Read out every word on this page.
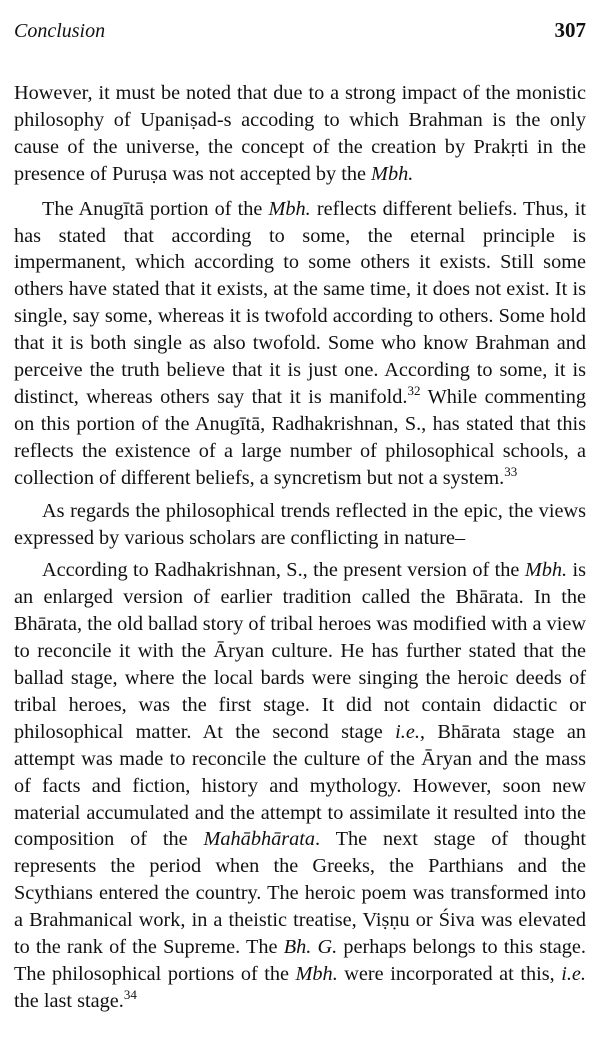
Conclusion	307

However, it must be noted that due to a strong impact of the monistic philosophy of Upaniṣad-s accoding to which Brahman is the only cause of the universe, the concept of the creation by Prakṛti in the presence of Puruṣa was not accepted by the Mbh.

The Anugītā portion of the Mbh. reflects different beliefs. Thus, it has stated that according to some, the eternal principle is impermanent, which according to some others it exists. Still some others have stated that it exists, at the same time, it does not exist. It is single, say some, whereas it is twofold according to others. Some hold that it is both single as also twofold. Some who know Brahman and perceive the truth believe that it is just one. According to some, it is distinct, whereas others say that it is manifold.$^{32}$ While commenting on this portion of the Anugītā, Radhakrishnan, S., has stated that this reflects the existence of a large number of philosophical schools, a collection of different beliefs, a syncretism but not a system.$^{33}$

As regards the philosophical trends reflected in the epic, the views expressed by various scholars are conflicting in nature–

According to Radhakrishnan, S., the present version of the Mbh. is an enlarged version of earlier tradition called the Bhārata. In the Bhārata, the old ballad story of tribal heroes was modified with a view to reconcile it with the Āryan culture. He has further stated that the ballad stage, where the local bards were singing the heroic deeds of tribal heroes, was the first stage. It did not contain didactic or philosophical matter. At the second stage i.e., Bhārata stage an attempt was made to reconcile the culture of the Āryan and the mass of facts and fiction, history and mythology. However, soon new material accumulated and the attempt to assimilate it resulted into the composition of the Mahābhārata. The next stage of thought represents the period when the Greeks, the Parthians and the Scythians entered the country. The heroic poem was transformed into a Brahmanical work, in a theistic treatise, Viṣṇu or Śiva was elevated to the rank of the Supreme. The Bh. G. perhaps belongs to this stage. The philosophical portions of the Mbh. were incorporated at this, i.e. the last stage.$^{34}$
